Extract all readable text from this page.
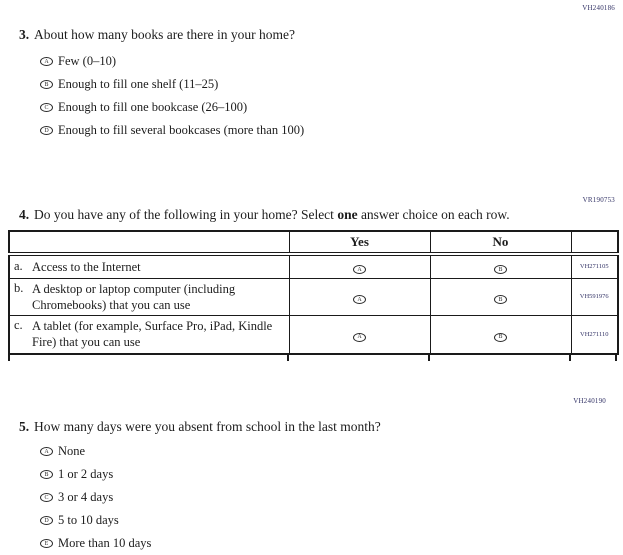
VH240186
3. About how many books are there in your home?
A Few (0–10)
B Enough to fill one shelf (11–25)
C Enough to fill one bookcase (26–100)
D Enough to fill several bookcases (more than 100)
VR190753
4. Do you have any of the following in your home? Select one answer choice on each row.
	Yes	No	

a. Access to the Internet	A	B	VH271105

b. A desktop or laptop computer (including Chromebooks) that you can use	A	B	VH591976

c. A tablet (for example, Surface Pro, iPad, Kindle Fire) that you can use	A	B	VH271110
VH240190
5. How many days were you absent from school in the last month?
A None
B 1 or 2 days
C 3 or 4 days
D 5 to 10 days
E More than 10 days
